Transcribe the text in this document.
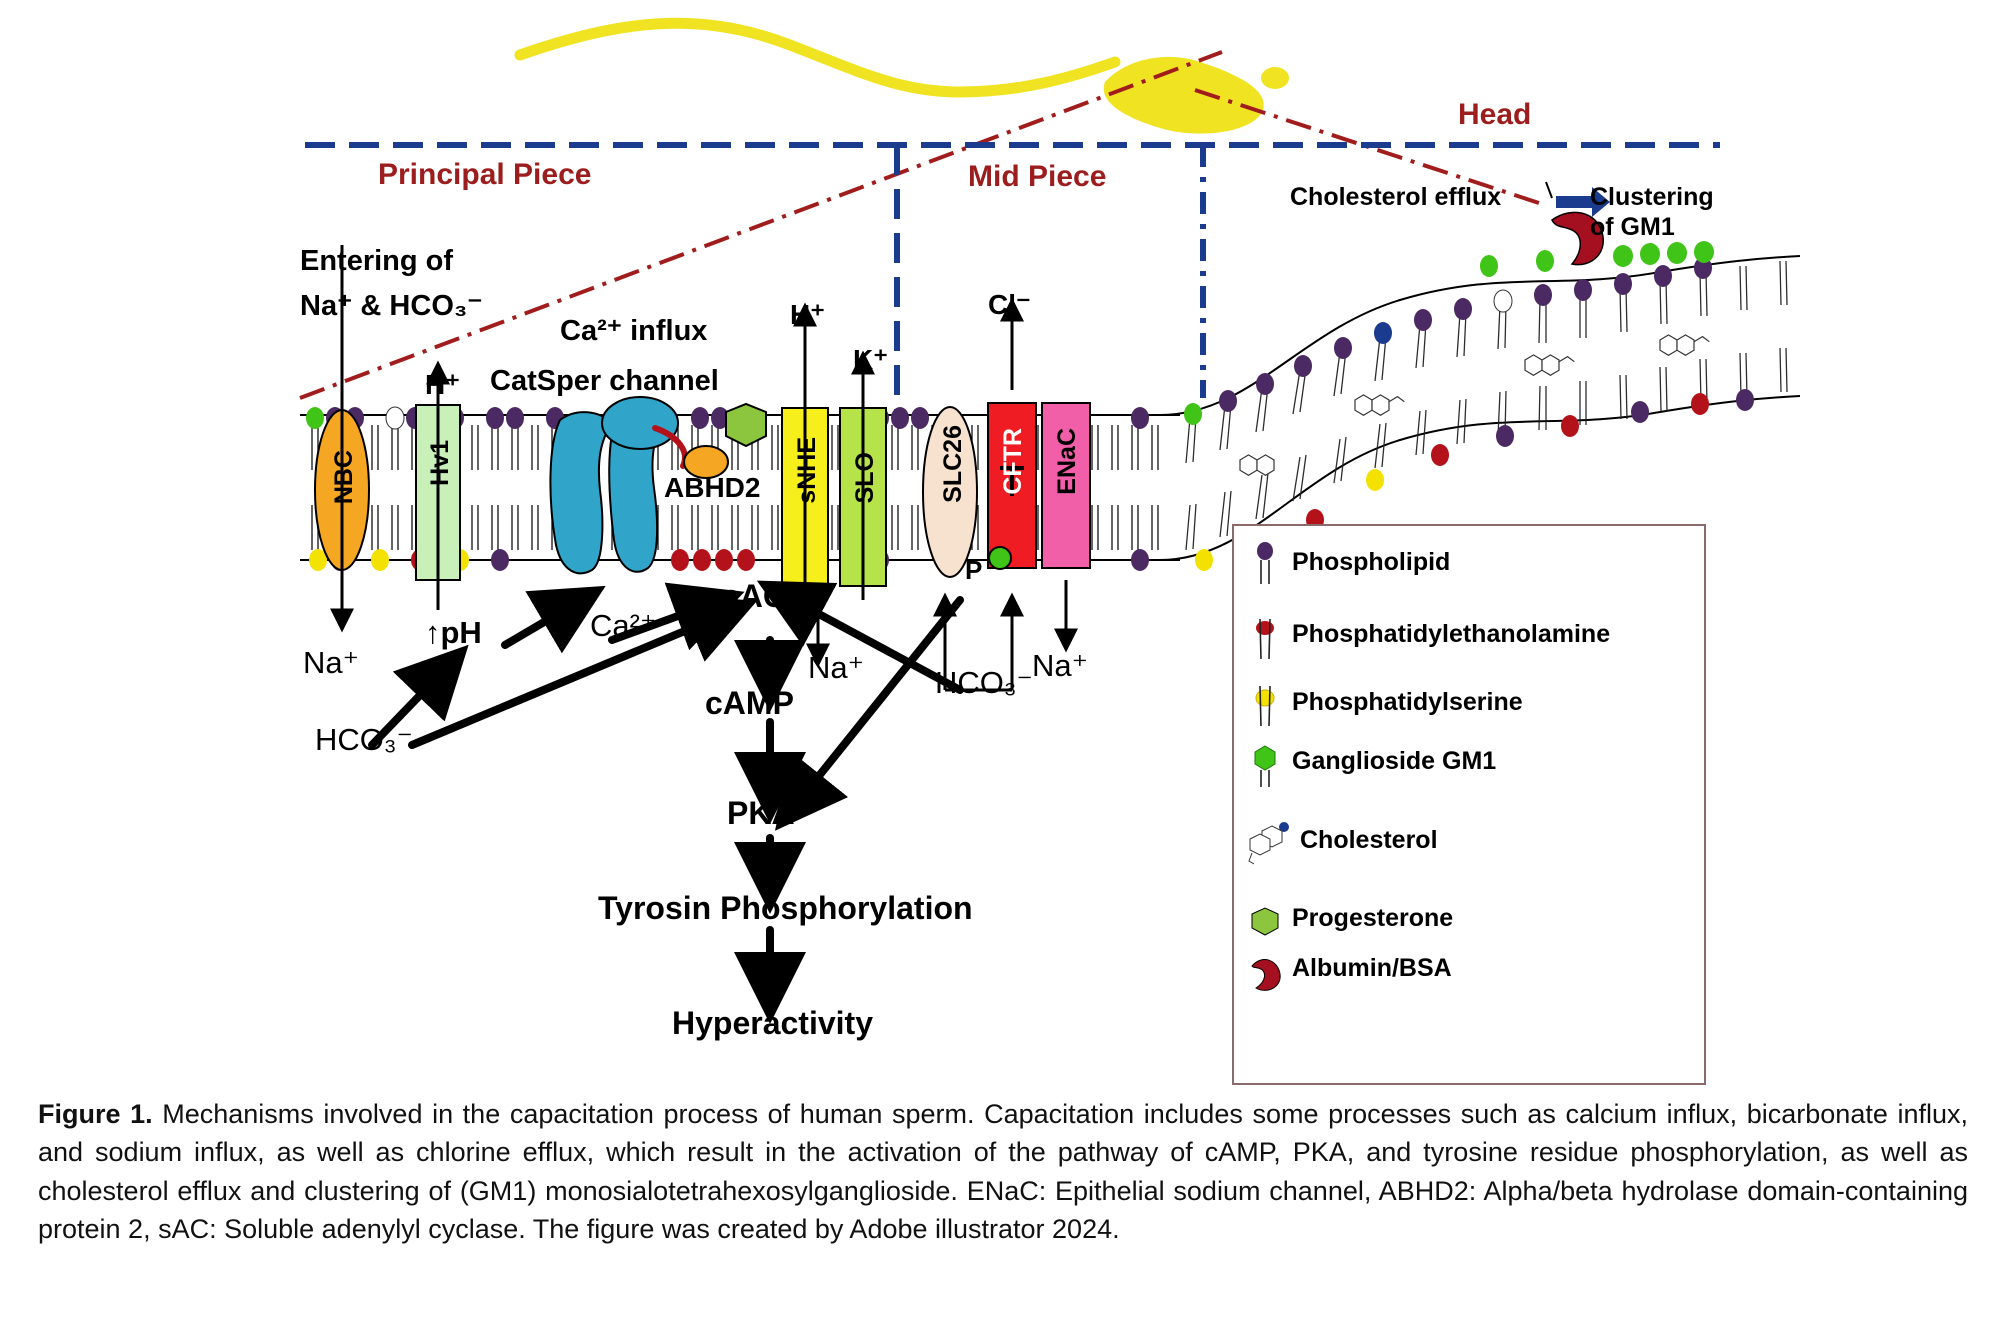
Principal Piece	Mid Piece
Head
Entering of
Na⁺ & HCO₃⁻
Ca²⁺ influx
CatSper channel
H⁺
H⁺
K⁺
Cl⁻
Na⁺	Na⁺	Na⁺
↑pH	Ca²⁺
HCO₃⁻
HCO₃⁻
sAC
cAMP
PKA
Tyrosin Phosphorylation
Hyperactivity
P
Cholesterol efflux	Clustering
of GM1
NBC	Hv1
ABHD2 sNHE SLO SLC26 CFTR ENaC
Phospholipid
Phosphatidylethanolamine
Phosphatidylserine
Ganglioside GM1
Cholesterol
Progesterone
Albumin/BSA
Figure 1. Mechanisms involved in the capacitation process of human sperm. Capacitation includes some processes such as calcium influx, bicarbonate influx, and sodium influx, as well as chlorine efflux, which result in the activation of the pathway of cAMP, PKA, and tyrosine residue phosphorylation, as well as cholesterol efflux and clustering of (GM1) monosialotetrahexosylganglioside. ENaC: Epithelial sodium channel, ABHD2: Alpha/beta hydrolase domain-containing protein 2, sAC: Soluble adenylyl cyclase. The figure was created by Adobe illustrator 2024.
